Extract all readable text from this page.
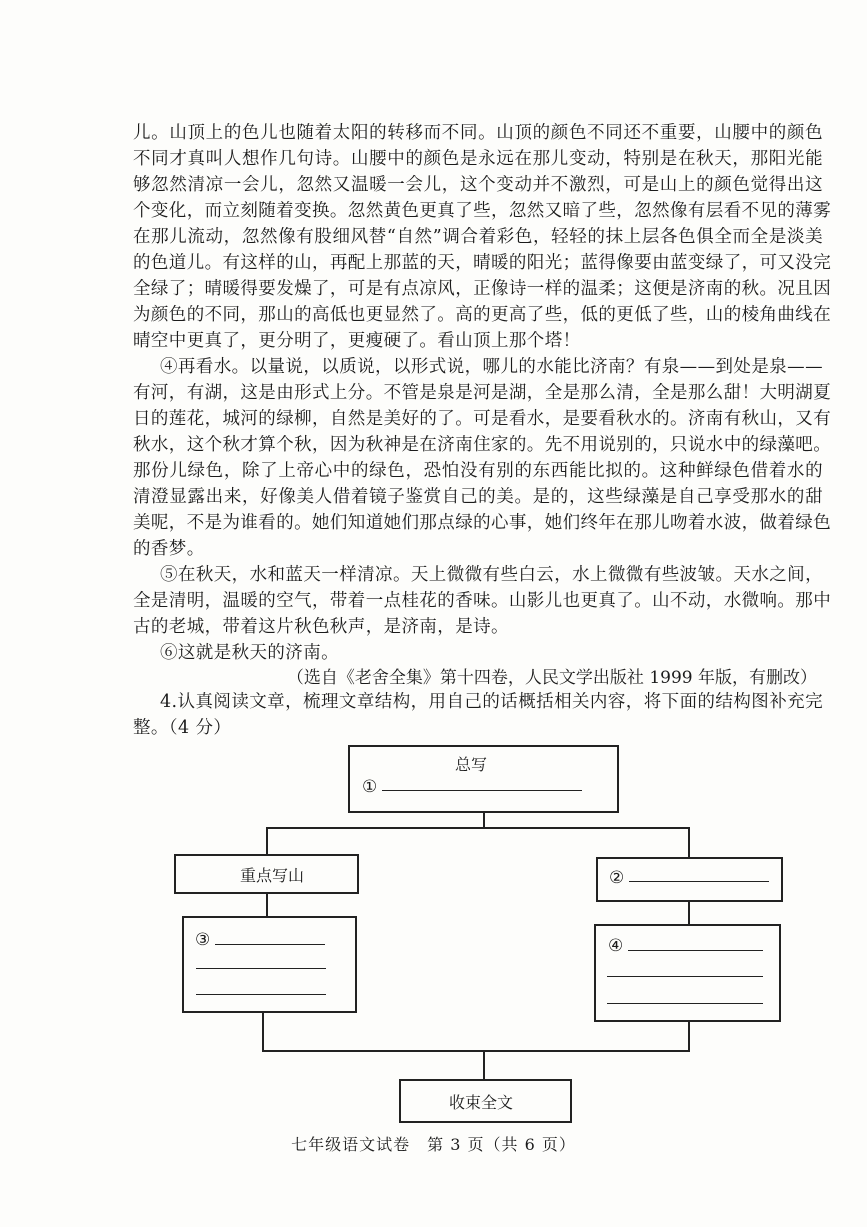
儿。山顶上的色儿也随着太阳的转移而不同。山顶的颜色不同还不重要，山腰中的颜色
不同才真叫人想作几句诗。山腰中的颜色是永远在那儿变动，特别是在秋天，那阳光能
够忽然清凉一会儿，忽然又温暖一会儿，这个变动并不激烈，可是山上的颜色觉得出这
个变化，而立刻随着变换。忽然黄色更真了些，忽然又暗了些，忽然像有层看不见的薄雾
在那儿流动，忽然像有股细风替“自然”调合着彩色，轻轻的抹上层各色俱全而全是淡美
的色道儿。有这样的山，再配上那蓝的天，晴暖的阳光；蓝得像要由蓝变绿了，可又没完
全绿了；晴暖得要发燥了，可是有点凉风，正像诗一样的温柔；这便是济南的秋。况且因
为颜色的不同，那山的高低也更显然了。高的更高了些，低的更低了些，山的棱角曲线在
晴空中更真了，更分明了，更瘦硬了。看山顶上那个塔！
④再看水。以量说，以质说，以形式说，哪儿的水能比济南？有泉——到处是泉——
有河，有湖，这是由形式上分。不管是泉是河是湖，全是那么清，全是那么甜！大明湖夏
日的莲花，城河的绿柳，自然是美好的了。可是看水，是要看秋水的。济南有秋山，又有
秋水，这个秋才算个秋，因为秋神是在济南住家的。先不用说别的，只说水中的绿藻吧。
那份儿绿色，除了上帝心中的绿色，恐怕没有别的东西能比拟的。这种鲜绿色借着水的
清澄显露出来，好像美人借着镜子鉴赏自己的美。是的，这些绿藻是自己享受那水的甜
美呢，不是为谁看的。她们知道她们那点绿的心事，她们终年在那儿吻着水波，做着绿色
的香梦。
⑤在秋天，水和蓝天一样清凉。天上微微有些白云，水上微微有些波皱。天水之间，
全是清明，温暖的空气，带着一点桂花的香味。山影儿也更真了。山不动，水微响。那中
古的老城，带着这片秋色秋声，是济南，是诗。
⑥这就是秋天的济南。
（选自《老舍全集》第十四卷，人民文学出版社 1999 年版，有删改）
4.认真阅读文章，梳理文章结构，用自己的话概括相关内容，将下面的结构图补充完
整。（4 分）
总写
①
重点写山
③
②
④
收束全文
七年级语文试卷　第 3 页（共 6 页）
